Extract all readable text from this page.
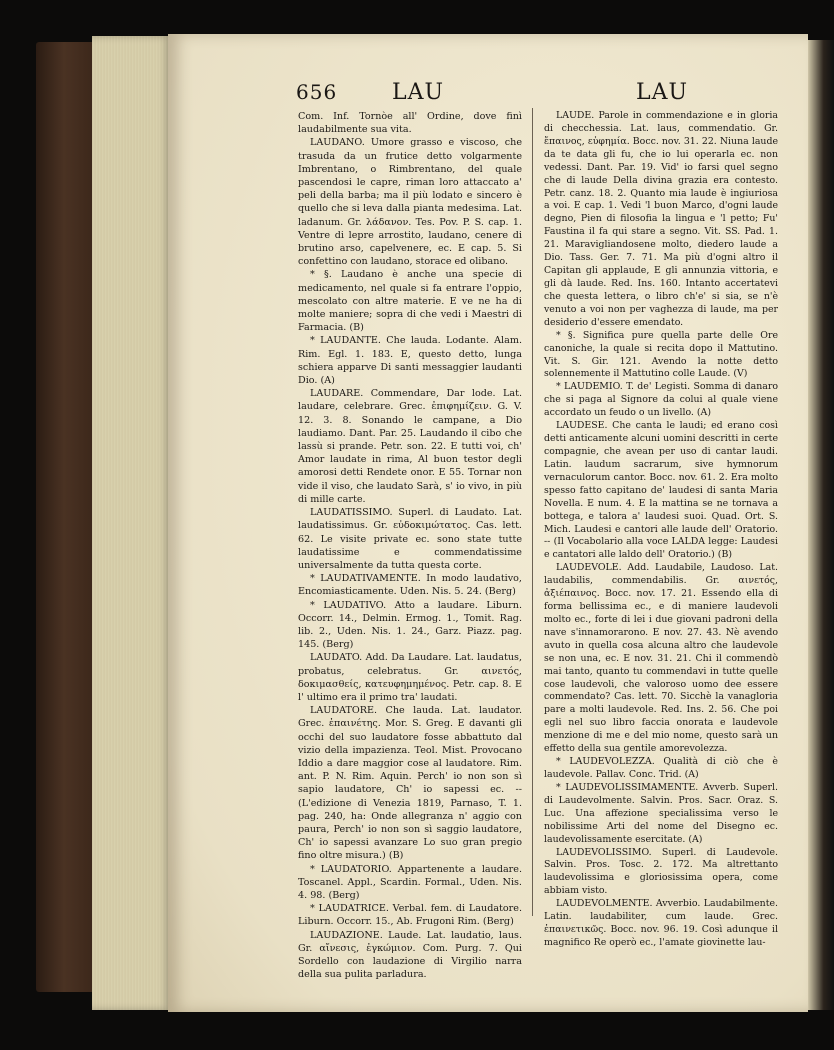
656 LAU	LAU

Com. Inf. Tornòe all' Ordine, dove finì laudabilmente sua vita.

LAUDANO. Umore grasso e viscoso, che trasuda da un frutice detto volgarmente Imbrentano, o Rimbrentano, del quale pascendosi le capre, riman loro attaccato a' peli della barba; ma il più lodato e sincero è quello che si leva dalla pianta medesima. Lat. ladanum. Gr. λάδανον. Tes. Pov. P. S. cap. 1. Ventre di lepre arrostito, laudano, cenere di brutino arso, capelvenere, ec. E cap. 5. Si confettino con laudano, storace ed olibano.

* §. Laudano è anche una specie di medicamento, nel quale si fa entrare l'oppio, mescolato con altre materie. E ve ne ha di molte maniere; sopra di che vedi i Maestri di Farmacia. (B)

* LAUDANTE. Che lauda. Lodante. Alam. Rim. Egl. 1. 183. E, questo detto, lunga schiera apparve Di santi messaggier laudanti Dio. (A)

LAUDARE. Commendare, Dar lode. Lat. laudare, celebrare. Grec. ἐπιφημίζειν. G. V. 12. 3. 8. Sonando le campane, a Dio laudiamo. Dant. Par. 25. Laudando il cibo che lassù si prande. Petr. son. 22. E tutti voi, ch' Amor laudate in rima, Al buon testor degli amorosi detti Rendete onor. E 55. Tornar non vide il viso, che laudato Sarà, s' io vivo, in più di mille carte.

LAUDATISSIMO. Superl. di Laudato. Lat. laudatissimus. Gr. εὐδοκιμώτατος. Cas. lett. 62. Le visite private ec. sono state tutte laudatissime e commendatissime universalmente da tutta questa corte.

* LAUDATIVAMENTE. In modo laudativo, Encomiasticamente. Uden. Nis. 5. 24. (Berg)

* LAUDATIVO. Atto a laudare. Liburn. Occorr. 14., Delmin. Ermog. 1., Tomit. Rag. lib. 2., Uden. Nis. 1. 24., Garz. Piazz. pag. 145. (Berg)

LAUDATO. Add. Da Laudare. Lat. laudatus, probatus, celebratus. Gr. αινετός, δοκιμασθείς, κατευφημημένος. Petr. cap. 8. E l' ultimo era il primo tra' laudati.

LAUDATORE. Che lauda. Lat. laudator. Grec. ἐπαινέτης. Mor. S. Greg. E davanti gli occhi del suo laudatore fosse abbattuto dal vizio della impazienza. Teol. Mist. Provocano Iddio a dare maggior cose al laudatore. Rim. ant. P. N. Rim. Aquin. Perch' io non son sì sapio laudatore, Ch' io sapessi ec. -- (L'edizione di Venezia 1819, Parnaso, T. 1. pag. 240, ha: Onde allegranza n' aggio con paura, Perch' io non son sì saggio laudatore, Ch' io sapessi avanzare Lo suo gran pregio fino oltre misura.) (B)

* LAUDATORIO. Appartenente a laudare. Toscanel. Appl., Scardin. Formal., Uden. Nis. 4. 98. (Berg)

* LAUDATRICE. Verbal. fem. di Laudatore. Liburn. Occorr. 15., Ab. Frugoni Rim. (Berg)

LAUDAZIONE. Laude. Lat. laudatio, laus. Gr. αἴνεσις, ἐγκώμιον. Com. Purg. 7. Qui Sordello con laudazione di Virgilio narra della sua pulita parladura.

LAUDE. Parole in commendazione e in gloria di checchessia. Lat. laus, commendatio. Gr. ἔπαινος, εὐφημία. Bocc. nov. 31. 22. Niuna laude da te data gli fu, che io lui operarla ec. non vedessi. Dant. Par. 19. Vid' io farsi quel segno che di laude Della divina grazia era contesto. Petr. canz. 18. 2. Quanto mia laude è ingiuriosa a voi. E cap. 1. Vedi 'l buon Marco, d'ogni laude degno, Pien di filosofia la lingua e 'l petto; Fu' Faustina il fa qui stare a segno. Vit. SS. Pad. 1. 21. Maravigliandosene molto, diedero laude a Dio. Tass. Ger. 7. 71. Ma più d'ogni altro il Capitan gli applaude, E gli annunzia vittoria, e gli dà laude. Red. Ins. 160. Intanto accertatevi che questa lettera, o libro ch'e' si sia, se n'è venuto a voi non per vaghezza di laude, ma per desiderio d'essere emendato.

* §. Significa pure quella parte delle Ore canoniche, la quale si recita dopo il Mattutino. Vit. S. Gir. 121. Avendo la notte detto solennemente il Mattutino colle Laude. (V)

* LAUDEMIO. T. de' Legisti. Somma di danaro che si paga al Signore da colui al quale viene accordato un feudo o un livello. (A)

LAUDESE. Che canta le laudi; ed erano così detti anticamente alcuni uomini descritti in certe compagnie, che avean per uso di cantar laudi. Latin. laudum sacrarum, sive hymnorum vernaculorum cantor. Bocc. nov. 61. 2. Era molto spesso fatto capitano de' laudesi di santa Maria Novella. E num. 4. E la mattina se ne tornava a bottega, e talora a' laudesi suoi. Quad. Ort. S. Mich. Laudesi e cantori alle laude dell' Oratorio. -- (Il Vocabolario alla voce LALDA legge: Laudesi e cantatori alle laldo dell' Oratorio.) (B)

LAUDEVOLE. Add. Laudabile, Laudoso. Lat. laudabilis, commendabilis. Gr. αινετός, ἀξιέπαινος. Bocc. nov. 17. 21. Essendo ella di forma bellissima ec., e di maniere laudevoli molto ec., forte di lei i due giovani padroni della nave s'innamorarono. E nov. 27. 43. Nè avendo avuto in quella cosa alcuna altro che laudevole se non una, ec. E nov. 31. 21. Chi il commendò mai tanto, quanto tu commendavi in tutte quelle cose laudevoli, che valoroso uomo dee essere commendato? Cas. lett. 70. Sicchè la vanagloria pare a molti laudevole. Red. Ins. 2. 56. Che poi egli nel suo libro faccia onorata e laudevole menzione di me e del mio nome, questo sarà un effetto della sua gentile amorevolezza.

* LAUDEVOLEZZA. Qualità di ciò che è laudevole. Pallav. Conc. Trid. (A)

* LAUDEVOLISSIMAMENTE. Avverb. Superl. di Laudevolmente. Salvin. Pros. Sacr. Oraz. S. Luc. Una affezione specialissima verso le nobilissime Arti del nome del Disegno ec. laudevolissamente esercitate. (A)

LAUDEVOLISSIMO. Superl. di Laudevole. Salvin. Pros. Tosc. 2. 172. Ma altrettanto laudevolissima e gloriosissima opera, come abbiam visto.

LAUDEVOLMENTE. Avverbio. Laudabilmente. Latin. laudabiliter, cum laude. Grec. ἐπαινετικῶς. Bocc. nov. 96. 19. Così adunque il magnifico Re operò ec., l'amate giovinette lau-
